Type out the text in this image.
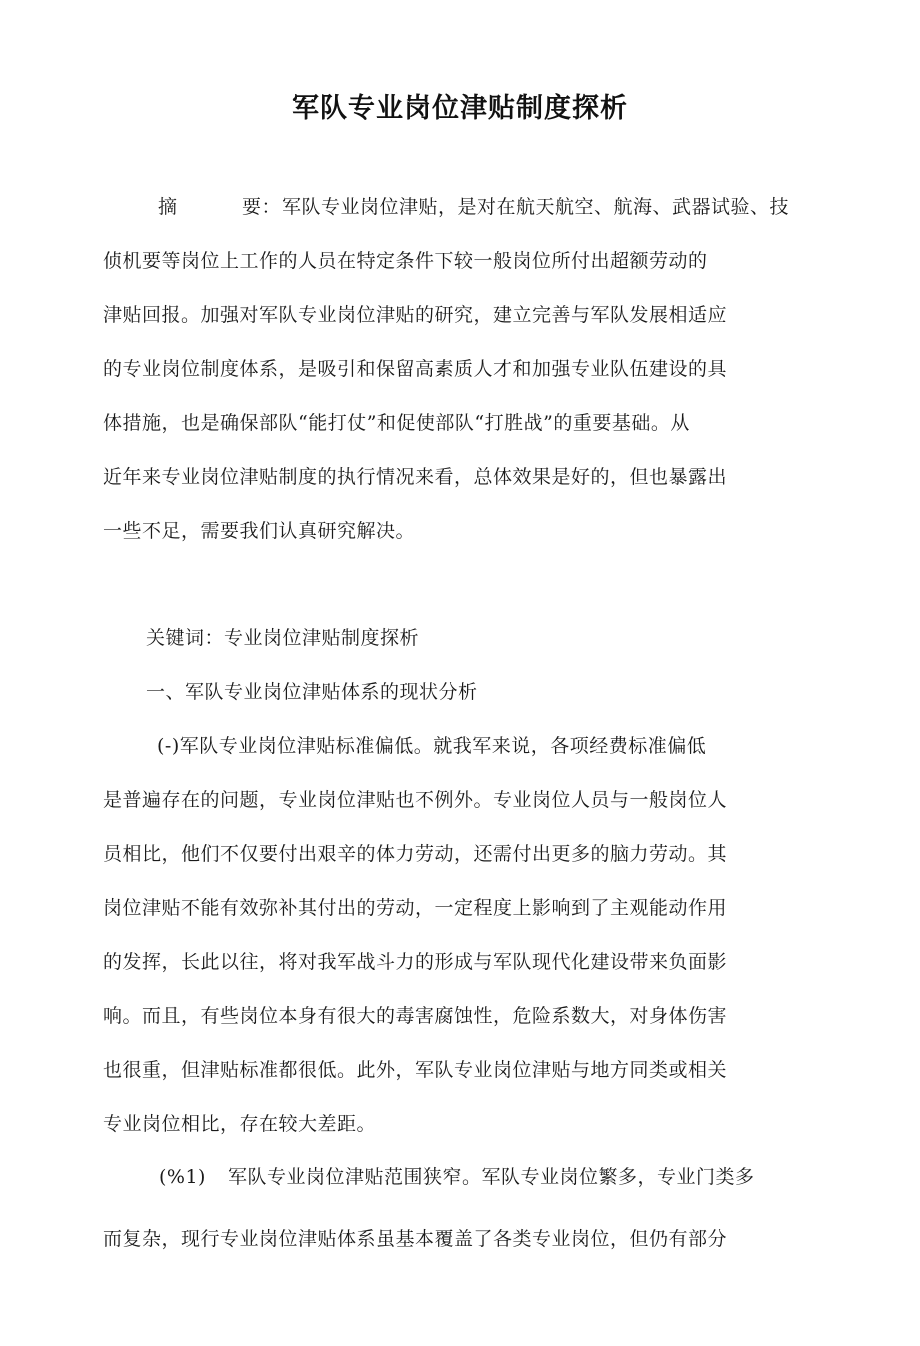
军队专业岗位津贴制度探析
摘	要： 军队专业岗位津贴，是对在航天航空、航海、武器试验、技
侦机要等岗位上工作的人员在特定条件下较一般岗位所付出超额劳动的
津贴回报。加强对军队专业岗位津贴的研究，建立完善与军队发展相适应
的专业岗位制度体系，是吸引和保留高素质人才和加强专业队伍建设的具
体措施，也是确保部队“能打仗”和促使部队“打胜战”的重要基础。从
近年来专业岗位津贴制度的执行情况来看，总体效果是好的，但也暴露出
一些不足，需要我们认真研究解决。
关键词：专业岗位津贴制度探析
一、军队专业岗位津贴体系的现状分析
(-)军队专业岗位津贴标准偏低。就我军来说，各项经费标准偏低
是普遍存在的问题，专业岗位津贴也不例外。专业岗位人员与一般岗位人
员相比，他们不仅要付出艰辛的体力劳动，还需付出更多的脑力劳动。其
岗位津贴不能有效弥补其付出的劳动，一定程度上影响到了主观能动作用
的发挥，长此以往，将对我军战斗力的形成与军队现代化建设带来负面影
响。而且，有些岗位本身有很大的毒害腐蚀性，危险系数大，对身体伤害
也很重，但津贴标准都很低。此外，军队专业岗位津贴与地方同类或相关
专业岗位相比，存在较大差距。
(%1) 军队专业岗位津贴范围狭窄。军队专业岗位繁多，专业门类多
而复杂，现行专业岗位津贴体系虽基本覆盖了各类专业岗位，但仍有部分
